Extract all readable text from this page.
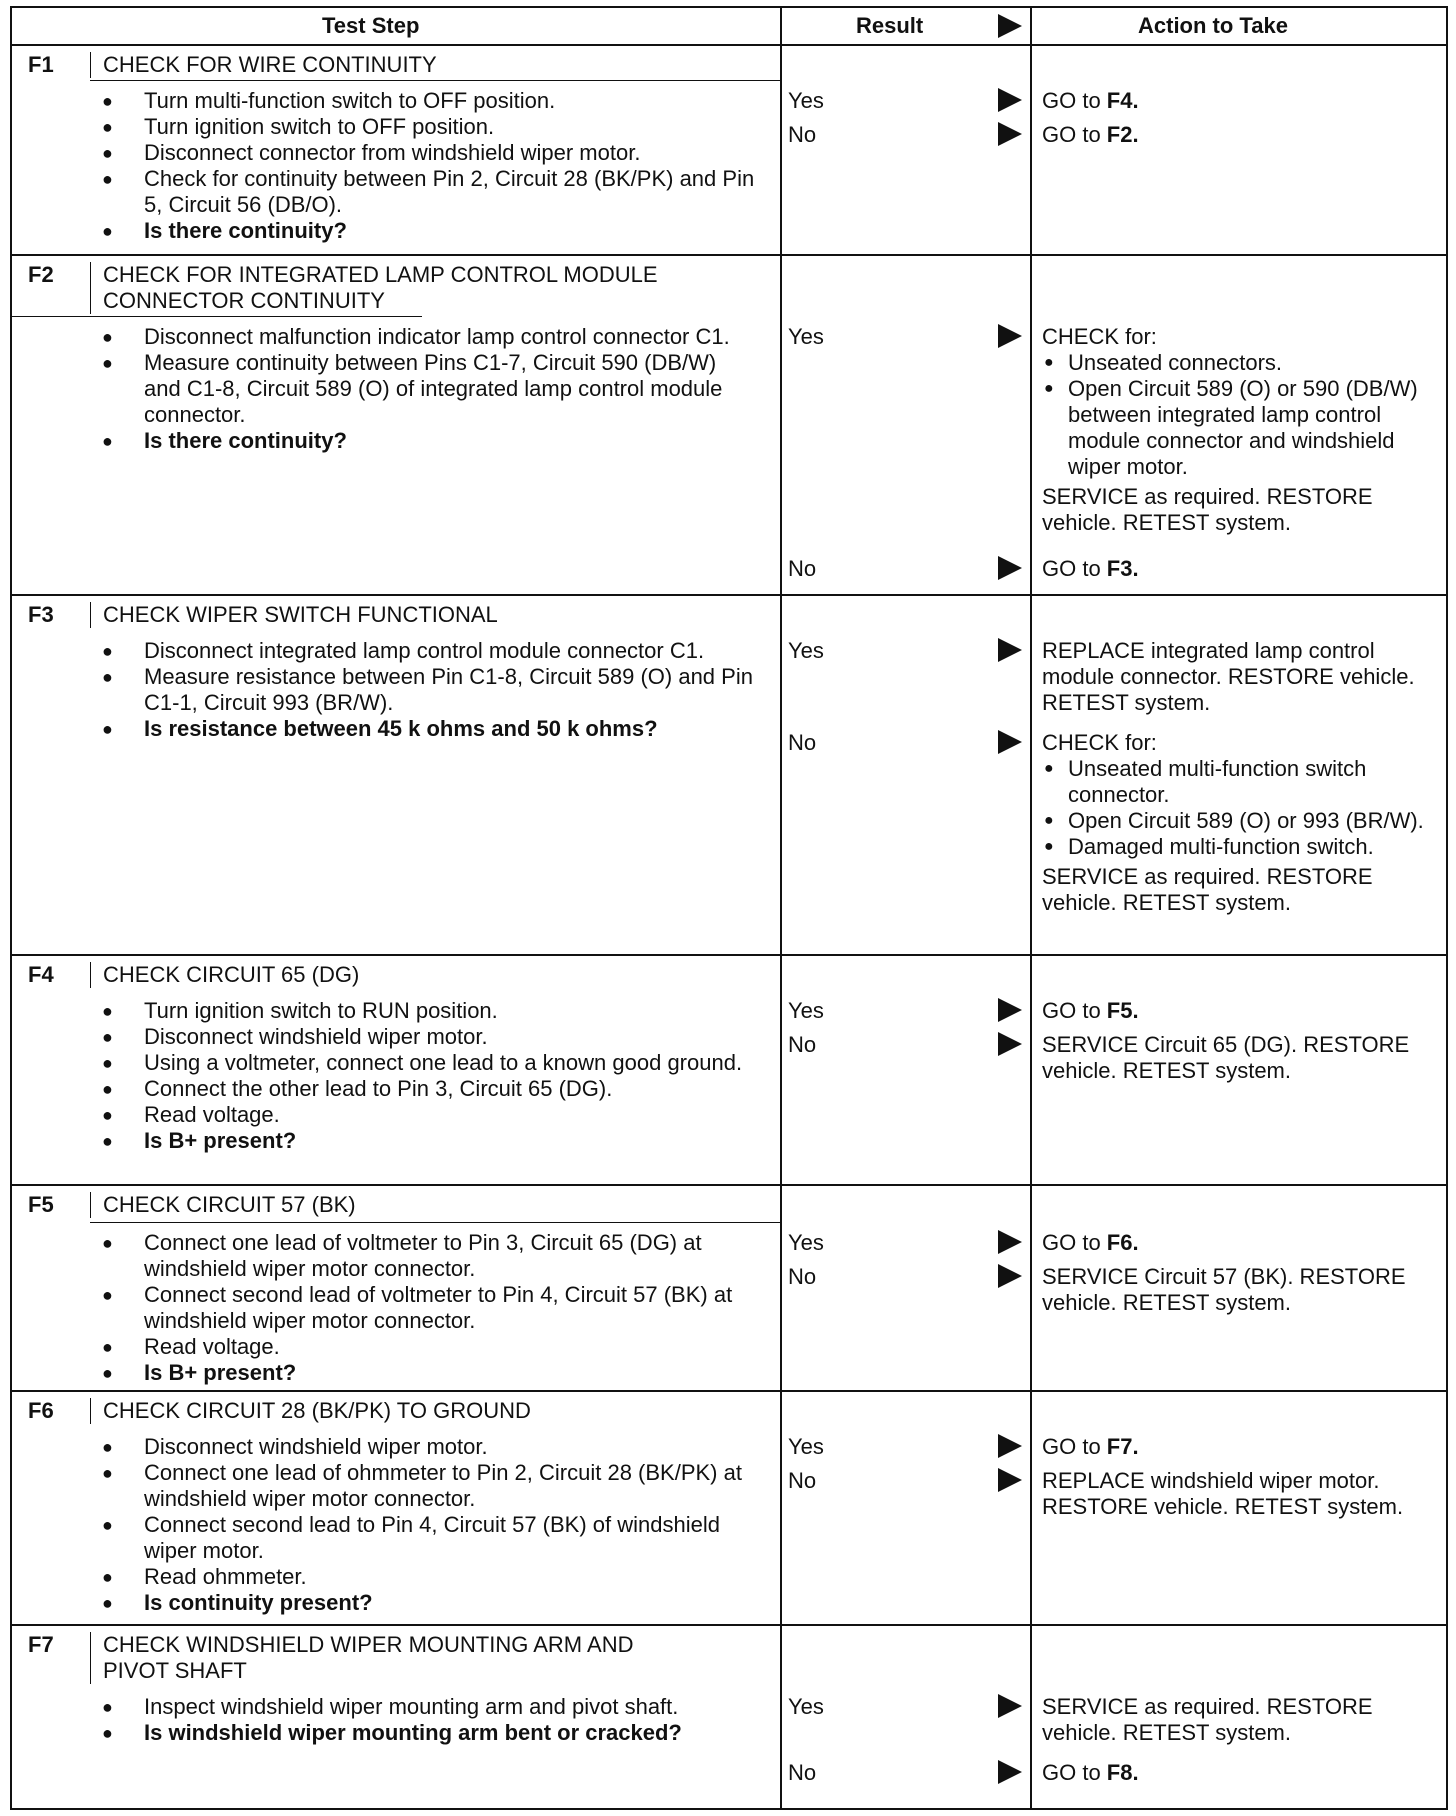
Test Step	Result	Action to Take
F1 CHECK FOR WIRE CONTINUITY
● Turn multi-function switch to OFF position.
● Turn ignition switch to OFF position.
● Disconnect connector from windshield wiper motor.
● Check for continuity between Pin 2, Circuit 28 (BK/PK) and Pin 5, Circuit 56 (DB/O).
● Is there continuity?
Yes	GO to F4.
No	GO to F2.
F2 CHECK FOR INTEGRATED LAMP CONTROL MODULE
CONNECTOR CONTINUITY
● Disconnect malfunction indicator lamp control connector C1.
● Measure continuity between Pins C1-7, Circuit 590 (DB/W) and C1-8, Circuit 589 (O) of integrated lamp control module connector.
● Is there continuity?
Yes	CHECK for:
● Unseated connectors.
● Open Circuit 589 (O) or 590 (DB/W) between integrated lamp control module connector and windshield wiper motor.
SERVICE as required. RESTORE vehicle. RETEST system.
No	GO to F3.
F3 CHECK WIPER SWITCH FUNCTIONAL
● Disconnect integrated lamp control module connector C1.
● Measure resistance between Pin C1-8, Circuit 589 (O) and Pin C1-1, Circuit 993 (BR/W).
● Is resistance between 45 k ohms and 50 k ohms?
Yes	REPLACE integrated lamp control module connector. RESTORE vehicle. RETEST system.
No	CHECK for:
● Unseated multi-function switch connector.
● Open Circuit 589 (O) or 993 (BR/W).
● Damaged multi-function switch.
SERVICE as required. RESTORE vehicle. RETEST system.
F4 CHECK CIRCUIT 65 (DG)
● Turn ignition switch to RUN position.
● Disconnect windshield wiper motor.
● Using a voltmeter, connect one lead to a known good ground.
● Connect the other lead to Pin 3, Circuit 65 (DG).
● Read voltage.
● Is B+ present?
Yes	GO to F5.
No	SERVICE Circuit 65 (DG). RESTORE vehicle. RETEST system.
F5 CHECK CIRCUIT 57 (BK)
● Connect one lead of voltmeter to Pin 3, Circuit 65 (DG) at windshield wiper motor connector.
● Connect second lead of voltmeter to Pin 4, Circuit 57 (BK) at windshield wiper motor connector.
● Read voltage.
● Is B+ present?
Yes	GO to F6.
No	SERVICE Circuit 57 (BK). RESTORE vehicle. RETEST system.
F6 CHECK CIRCUIT 28 (BK/PK) TO GROUND
● Disconnect windshield wiper motor.
● Connect one lead of ohmmeter to Pin 2, Circuit 28 (BK/PK) at windshield wiper motor connector.
● Connect second lead to Pin 4, Circuit 57 (BK) of windshield wiper motor.
● Read ohmmeter.
● Is continuity present?
Yes	GO to F7.
No	REPLACE windshield wiper motor. RESTORE vehicle. RETEST system.
F7 CHECK WINDSHIELD WIPER MOUNTING ARM AND
PIVOT SHAFT
● Inspect windshield wiper mounting arm and pivot shaft.
● Is windshield wiper mounting arm bent or cracked?
Yes	SERVICE as required. RESTORE vehicle. RETEST system.
No	GO to F8.
